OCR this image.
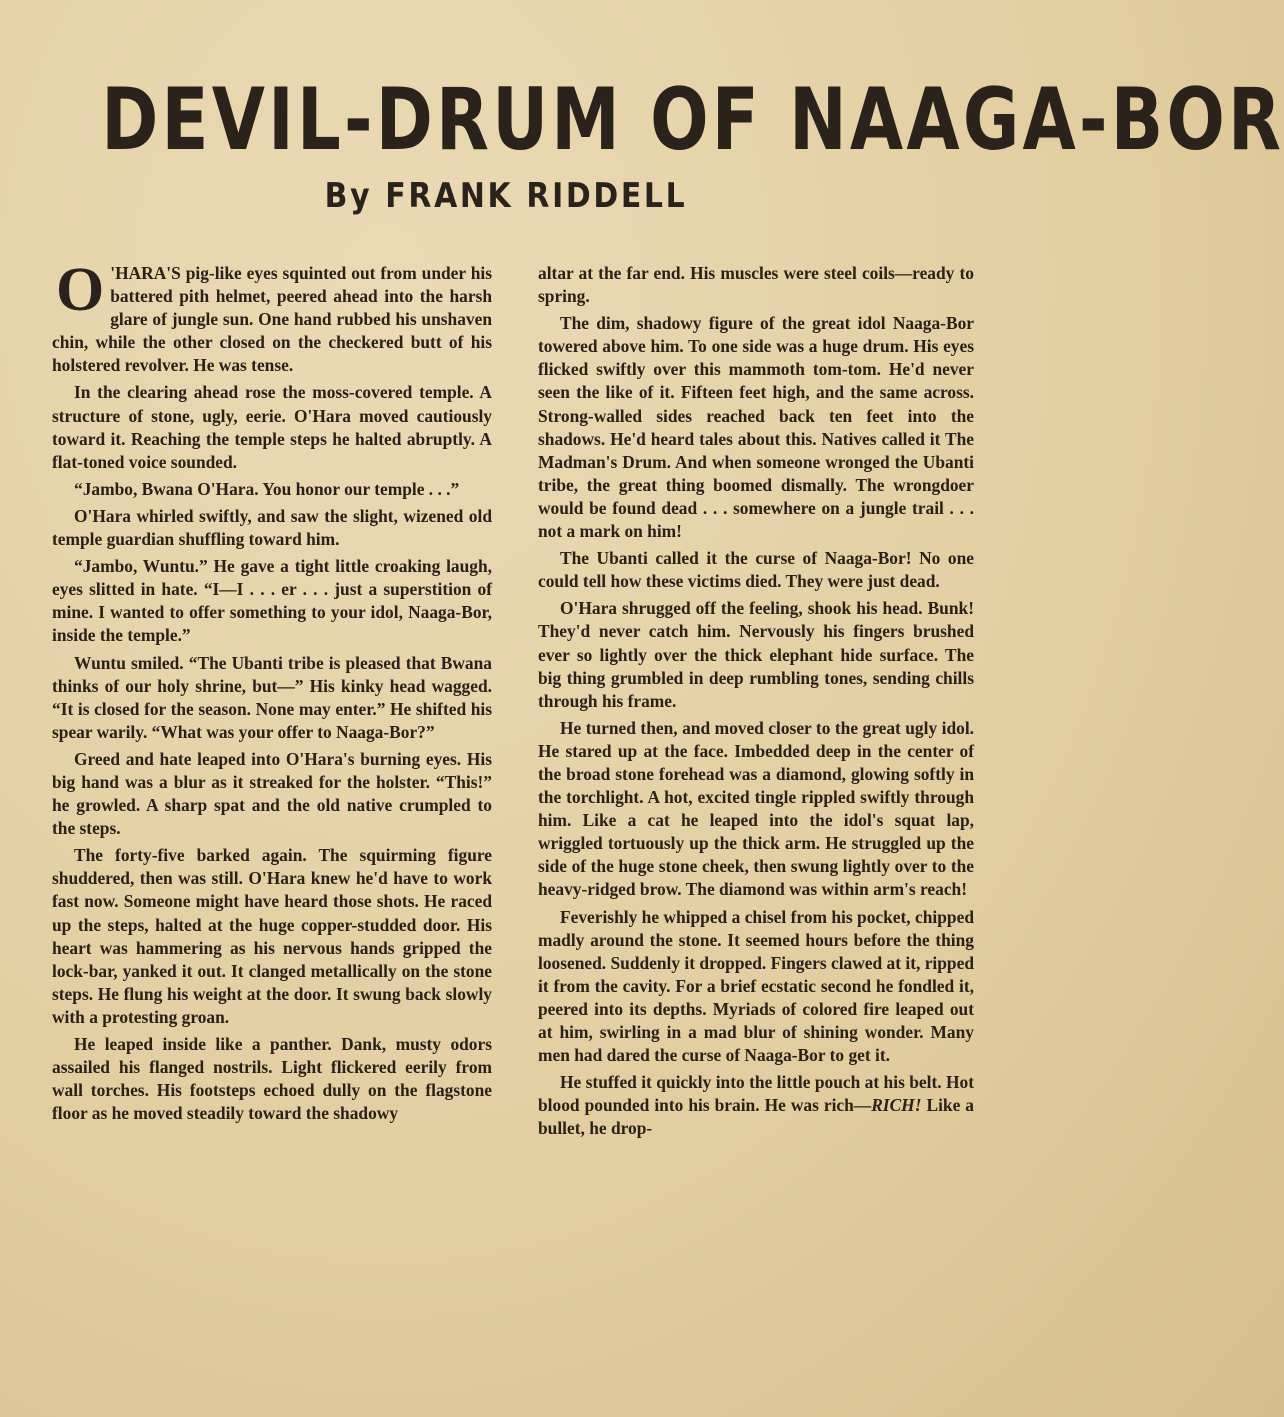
DEVIL-DRUM OF NAAGA-BOR
By FRANK RIDDELL

O 'HARA'S pig-like eyes squinted out from under his battered pith helmet, peered ahead into the harsh glare of jungle sun. One hand rubbed his unshaven chin, while the other closed on the checkered butt of his holstered revolver. He was tense.

In the clearing ahead rose the moss-covered temple. A structure of stone, ugly, eerie. O'Hara moved cautiously toward it. Reaching the temple steps he halted abruptly. A flat-toned voice sounded.

“Jambo, Bwana O'Hara. You honor our temple . . .”

O'Hara whirled swiftly, and saw the slight, wizened old temple guardian shuffling toward him.

“Jambo, Wuntu.” He gave a tight little croaking laugh, eyes slitted in hate. “I—I . . . er . . . just a superstition of mine. I wanted to offer something to your idol, Naaga-Bor, inside the temple.”

Wuntu smiled. “The Ubanti tribe is pleased that Bwana thinks of our holy shrine, but—” His kinky head wagged. “It is closed for the season. None may enter.” He shifted his spear warily. “What was your offer to Naaga-Bor?”

Greed and hate leaped into O'Hara's burning eyes. His big hand was a blur as it streaked for the holster. “This!” he growled. A sharp spat and the old native crumpled to the steps.

The forty-five barked again. The squirming figure shuddered, then was still. O'Hara knew he'd have to work fast now. Someone might have heard those shots. He raced up the steps, halted at the huge copper-studded door. His heart was hammering as his nervous hands gripped the lock-bar, yanked it out. It clanged metallically on the stone steps. He flung his weight at the door. It swung back slowly with a protesting groan.

He leaped inside like a panther. Dank, musty odors assailed his flanged nostrils. Light flickered eerily from wall torches. His footsteps echoed dully on the flagstone floor as he moved steadily toward the shadowy

altar at the far end. His muscles were steel coils—ready to spring.

The dim, shadowy figure of the great idol Naaga-Bor towered above him. To one side was a huge drum. His eyes flicked swiftly over this mammoth tom-tom. He'd never seen the like of it. Fifteen feet high, and the same across. Strong-walled sides reached back ten feet into the shadows. He'd heard tales about this. Natives called it The Madman's Drum. And when someone wronged the Ubanti tribe, the great thing boomed dismally. The wrongdoer would be found dead . . . somewhere on a jungle trail . . . not a mark on him!

The Ubanti called it the curse of Naaga-Bor! No one could tell how these victims died. They were just dead.

O'Hara shrugged off the feeling, shook his head. Bunk! They'd never catch him. Nervously his fingers brushed ever so lightly over the thick elephant hide surface. The big thing grumbled in deep rumbling tones, sending chills through his frame.

He turned then, and moved closer to the great ugly idol. He stared up at the face. Imbedded deep in the center of the broad stone forehead was a diamond, glowing softly in the torchlight. A hot, excited tingle rippled swiftly through him. Like a cat he leaped into the idol's squat lap, wriggled tortuously up the thick arm. He struggled up the side of the huge stone cheek, then swung lightly over to the heavy-ridged brow. The diamond was within arm's reach!

Feverishly he whipped a chisel from his pocket, chipped madly around the stone. It seemed hours before the thing loosened. Suddenly it dropped. Fingers clawed at it, ripped it from the cavity. For a brief ecstatic second he fondled it, peered into its depths. Myriads of colored fire leaped out at him, swirling in a mad blur of shining wonder. Many men had dared the curse of Naaga-Bor to get it.

He stuffed it quickly into the little pouch at his belt. Hot blood pounded into his brain. He was rich—RICH! Like a bullet, he drop-
